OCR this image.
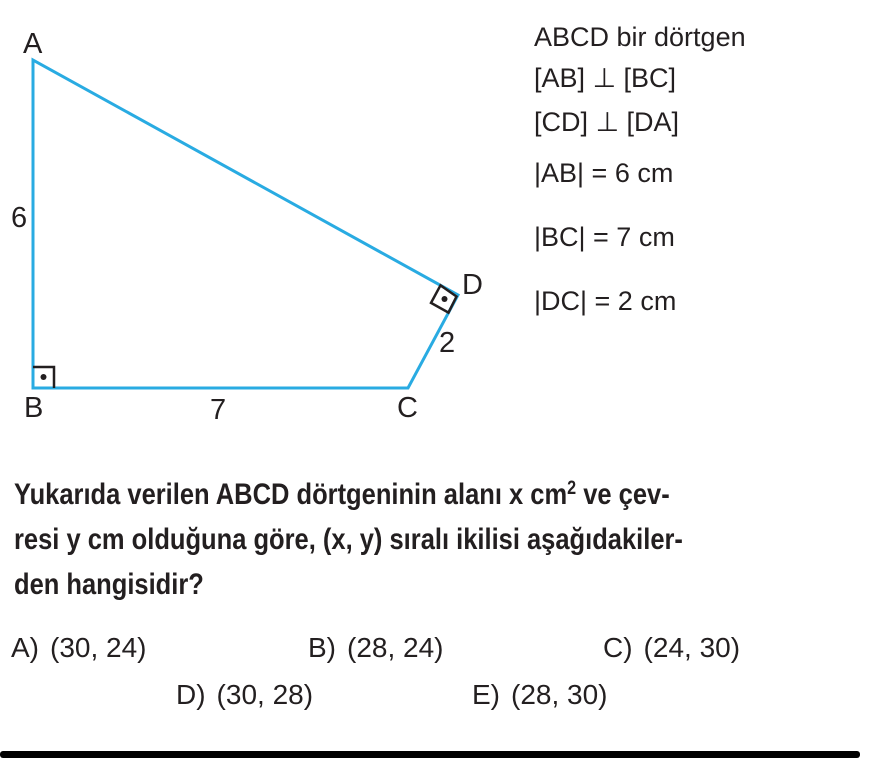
A
B	C
D
6
7
2
ABCD bir dörtgen
[AB] ⊥ [BC]
[CD] ⊥ [DA]
|AB| = 6 cm
|BC| = 7 cm
|DC| = 2 cm
Yukarıda verilen ABCD dörtgeninin alanı x $cm^2$ ve çev-
resi y cm olduğuna göre, (x, y) sıralı ikilisi aşağıdakiler-
den hangisidir?
A) (30, 24)	B) (28, 24)	C) (24, 30)
D) (30, 28)	E) (28, 30)
